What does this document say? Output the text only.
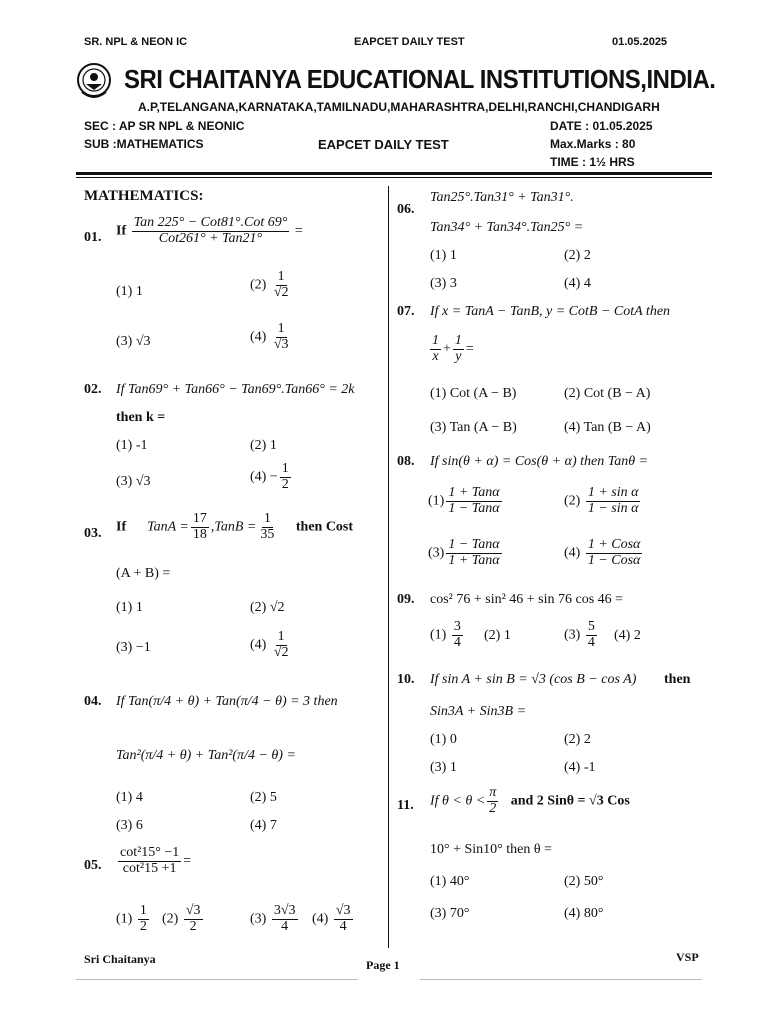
SR. NPL & NEON IC	EAPCET DAILY TEST	01.05.2025
SRI CHAITANYA EDUCATIONAL INSTITUTIONS,INDIA.
A.P,TELANGANA,KARNATAKA,TAMILNADU,MAHARASHTRA,DELHI,RANCHI,CHANDIGARH
SEC : AP SR NPL & NEONIC
SUB :MATHEMATICS	EAPCET DAILY TEST
DATE : 01.05.2025
Max.Marks : 80
TIME : 1½ HRS
MATHEMATICS:
01. If $\frac{\text{Tan 225° − Cot81°.Cot 69°}}{\text{Cot261° + Tan21°}}$ =
(1) 1	$(2) \frac{1}{√2}$
(3) √3	$(4) \frac{1}{√3}$
02. If Tan69° + Tan66° − Tan69°.Tan66° = 2k
then k =
(1) -1	(2) 1
(3) √3	$(4) - \frac{1}{2}$
03. If TanA = $\frac{17}{18}$ ,TanB = $\frac{1}{35}$ then Cost
(A + B) =
(1) 1	(2) √2
(3) −1	$(4) \frac{1}{√2}$
04. If Tan(π/4 + θ) + Tan(π/4 − θ) = 3 then
Tan²(π/4 + θ) + Tan²(π/4 − θ) =
(1) 4	(2) 5
(3) 6	(4) 7
05. $\frac{\text{cot²15° −1}}{\text{cot²15 +1}}$ =
$(1) \frac{1}{2} (2) \frac{√3}{2}$	$(3) \frac{3√3}{4} (4) \frac{√3}{4}$
06.
Tan25°.Tan31° + Tan31°.
Tan34° + Tan34°.Tan25° =
(1) 1	(2) 2
(3) 3	(4) 4
07. If x = TanA − TanB, y = CotB − CotA then
$\frac{1}{x} + \frac{1}{y}$ =
(1) Cot (A − B)	(2) Cot (B − A)
(3) Tan (A − B)	(4) Tan (B − A)
08. If sin(θ + α) = Cos(θ + α) then Tanθ =
$(1) \frac{\text{1 + Tanα}}{\text{1 − Tanα}}$	$(2) \frac{\text{1 + sin α}}{\text{1 − sin α}}$
$(3) \frac{\text{1 − Tanα}}{\text{1 + Tanα}}$	$(4) \frac{\text{1 + Cosα}}{\text{1 − Cosα}}$
09. cos² 76 + sin² 46 + sin 76 cos 46 =
$(1) \frac{3}{4} (2)$ 1	$(3) \frac{5}{4} (4)$ 2
10. If sin A + sin B = √3 (cos B − cos A) then
Sin3A + Sin3B =
(1) 0	(2) 2
(3) 1	(4) -1
11. If $\theta < \theta < \frac{\pi}{2}$ and 2 Sinθ = √3 Cos
10° + Sin10° then θ =
(1) 40°	(2) 50°
(3) 70°	(4) 80°
Sri Chaitanya	Page 1
VSP
